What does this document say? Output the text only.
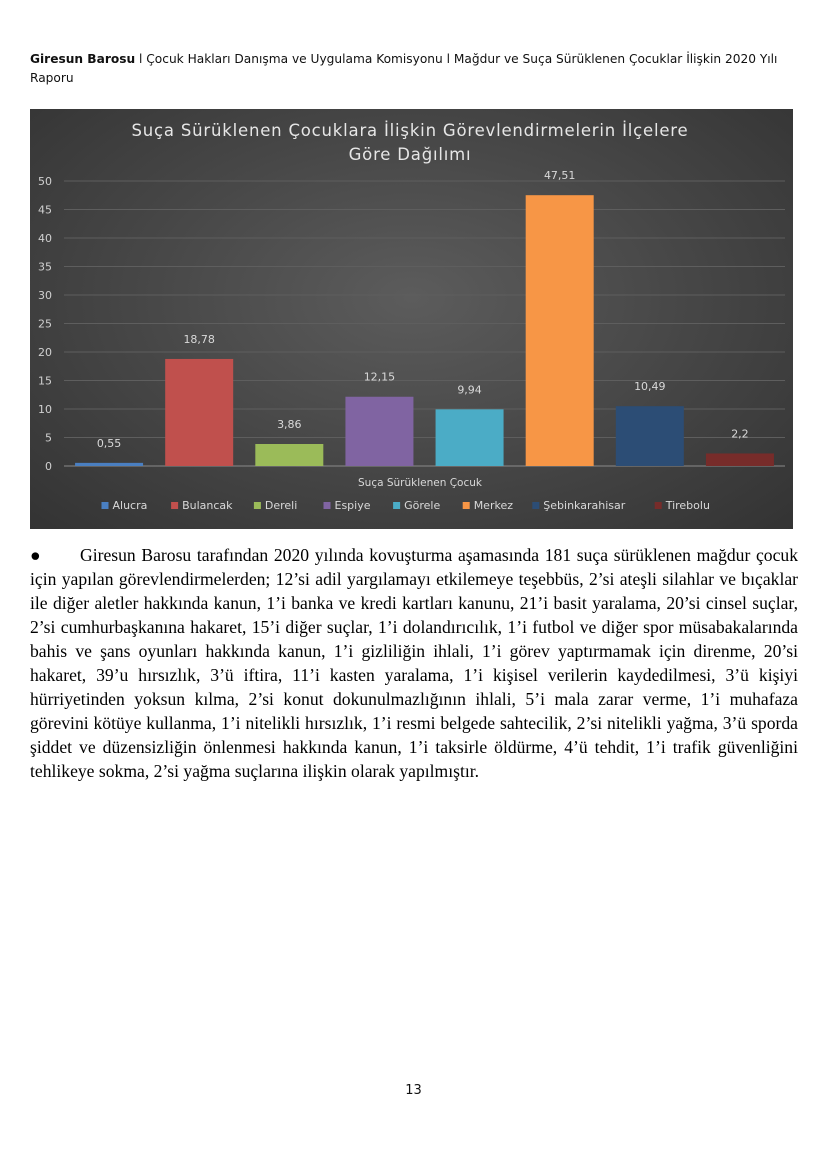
Giresun Barosu l Çocuk Hakları Danışma ve Uygulama Komisyonu l Mağdur ve Suça Sürüklenen Çocuklar İlişkin 2020 Yılı Raporu
Suça Sürüklenen Çocuklara İlişkin Görevlendirmelerin İlçelere
Göre Dağılımı
0
5
10
15
20
25
30
35
40
45
50
0,55
18,78
3,86
12,15
9,94
47,51
10,49
2,2
Suça Sürüklenen Çocuk
Alucra	Bulancak	Dereli	Espiye	Görele	Merkez	Şebinkarahisar	Tirebolu
● Giresun Barosu tarafından 2020 yılında kovuşturma aşamasında 181 suça sürüklenen mağdur çocuk için yapılan görevlendirmelerden; 12’si adil yargılamayı etkilemeye teşebbüs, 2’si ateşli silahlar ve bıçaklar ile diğer aletler hakkında kanun, 1’i banka ve kredi kartları kanunu, 21’i basit yaralama, 20’si cinsel suçlar, 2’si cumhurbaşkanına hakaret, 15’i diğer suçlar, 1’i dolandırıcılık, 1’i futbol ve diğer spor müsabakalarında bahis ve şans oyunları hakkında kanun, 1’i gizliliğin ihlali, 1’i görev yaptırmamak için direnme, 20’si hakaret, 39’u hırsızlık, 3’ü iftira, 11’i kasten yaralama, 1’i kişisel verilerin kaydedilmesi, 3’ü kişiyi hürriyetinden yoksun kılma, 2’si konut dokunulmazlığının ihlali, 5’i mala zarar verme, 1’i muhafaza görevini kötüye kullanma, 1’i nitelikli hırsızlık, 1’i resmi belgede sahtecilik, 2’si nitelikli yağma, 3’ü sporda şiddet ve düzensizliğin önlenmesi hakkında kanun, 1’i taksirle öldürme, 4’ü tehdit, 1’i trafik güvenliğini tehlikeye sokma, 2’si yağma suçlarına ilişkin olarak yapılmıştır.
13
